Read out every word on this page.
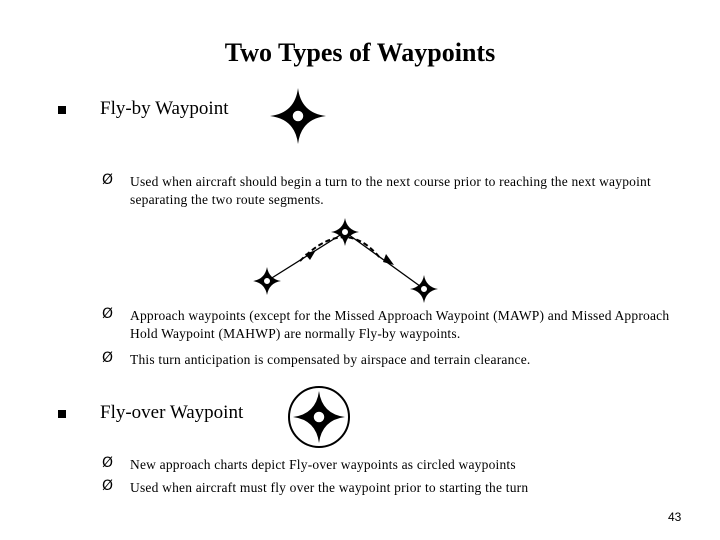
Two Types of Waypoints
Fly-by Waypoint
Ø Used when aircraft should begin a turn to the next course prior to reaching the next waypoint separating the two route segments.
Ø Approach waypoints (except for the Missed Approach Waypoint (MAWP) and Missed Approach Hold Waypoint (MAHWP) are normally Fly-by waypoints.
Ø This turn anticipation is compensated by airspace and terrain clearance.
Fly-over Waypoint
Ø New approach charts depict Fly-over waypoints as circled waypoints
Ø Used when aircraft must fly over the waypoint prior to starting the turn
43
